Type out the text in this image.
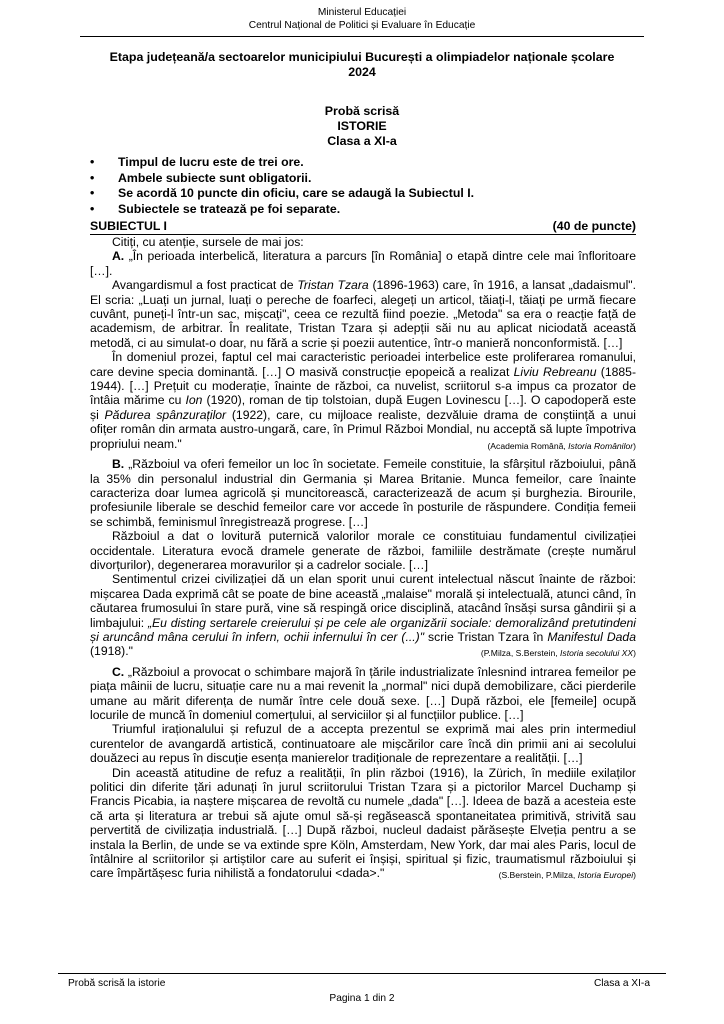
Ministerul Educației
Centrul Național de Politici și Evaluare în Educație
Etapa județeană/a sectoarelor municipiului București a olimpiadelor naționale școlare
2024
Probă scrisă
ISTORIE
Clasa a XI-a
• Timpul de lucru este de trei ore.
• Ambele subiecte sunt obligatorii.
• Se acordă 10 puncte din oficiu, care se adaugă la Subiectul I.
• Subiectele se tratează pe foi separate.
SUBIECTUL I	(40 de puncte)

Citiți, cu atenție, sursele de mai jos:

A. „În perioada interbelică, literatura a parcurs [în România] o etapă dintre cele mai înfloritoare […].

Avangardismul a fost practicat de Tristan Tzara (1896-1963) care, în 1916, a lansat „dadaismul". El scria: „Luați un jurnal, luați o pereche de foarfeci, alegeți un articol, tăiați-l, tăiați pe urmă fiecare cuvânt, puneți-l într-un sac, mișcați", ceea ce rezultă fiind poezie. „Metoda" sa era o reacție față de academism, de arbitrar. În realitate, Tristan Tzara și adepții săi nu au aplicat niciodată această metodă, ci au simulat-o doar, nu fără a scrie și poezii autentice, într-o manieră nonconformistă. […]

În domeniul prozei, faptul cel mai caracteristic perioadei interbelice este proliferarea romanului, care devine specia dominantă. […] O masivă construcție epopeică a realizat Liviu Rebreanu (1885-1944). […] Prețuit cu moderație, înainte de război, ca nuvelist, scriitorul s-a impus ca prozator de întâia mărime cu Ion (1920), roman de tip tolstoian, după Eugen Lovinescu […]. O capodoperă este și Pădurea spânzuraților (1922), care, cu mijloace realiste, dezvăluie drama de conștiință a unui ofițer român din armata austro-ungară, care, în Primul Război Mondial, nu acceptă să lupte împotriva propriului neam."	(Academia Română, Istoria Românilor)

B. „Războiul va oferi femeilor un loc în societate. Femeile constituie, la sfârșitul războiului, până la 35% din personalul industrial din Germania și Marea Britanie. Munca femeilor, care înainte caracteriza doar lumea agricolă și muncitorească, caracterizează de acum și burghezia. Birourile, profesiunile liberale se deschid femeilor care vor accede în posturile de răspundere. Condiția femeii se schimbă, feminismul înregistrează progrese. […]

Războiul a dat o lovitură puternică valorilor morale ce constituiau fundamentul civilizației occidentale. Literatura evocă dramele generate de război, familiile destrămate (crește numărul divorțurilor), degenerarea moravurilor și a cadrelor sociale. […]

Sentimentul crizei civilizației dă un elan sporit unui curent intelectual născut înainte de război: mișcarea Dada exprimă cât se poate de bine această „malaise" morală și intelectuală, atunci când, în căutarea frumosului în stare pură, vine să respingă orice disciplină, atacând însăși sursa gândirii și a limbajului: „Eu disting sertarele creierului și pe cele ale organizării sociale: demoralizând pretutindeni și aruncând mâna cerului în infern, ochii infernului în cer (...)" scrie Tristan Tzara în Manifestul Dada (1918)."	(P.Milza, S.Berstein, Istoria secolului XX)

C. „Războiul a provocat o schimbare majoră în țările industrializate înlesnind intrarea femeilor pe piața mâinii de lucru, situație care nu a mai revenit la „normal" nici după demobilizare, căci pierderile umane au mărit diferența de număr între cele două sexe. […] După război, ele [femeile] ocupă locurile de muncă în domeniul comerțului, al serviciilor și al funcțiilor publice. […]

Triumful iraționalului și refuzul de a accepta prezentul se exprimă mai ales prin intermediul curentelor de avangardă artistică, continuatoare ale mișcărilor care încă din primii ani ai secolului douăzeci au repus în discuție esența manierelor tradiționale de reprezentare a realității. […]

Din această atitudine de refuz a realității, în plin război (1916), la Zürich, în mediile exilaților politici din diferite țări adunați în jurul scriitorului Tristan Tzara și a pictorilor Marcel Duchamp și Francis Picabia, ia naștere mișcarea de revoltă cu numele „dada" […]. Ideea de bază a acesteia este că arta și literatura ar trebui să ajute omul să-și regăsească spontaneitatea primitivă, strivită sau pervertită de civilizația industrială. […] După război, nucleul dadaist părăsește Elveția pentru a se instala la Berlin, de unde se va extinde spre Köln, Amsterdam, New York, dar mai ales Paris, locul de întâlnire al scriitorilor și artiștilor care au suferit ei înșiși, spiritual și fizic, traumatismul războiului și care împărtășesc furia nihilistă a fondatorului <dada>."	(S.Berstein, P.Milza, Istoria Europei)

Probă scrisă la istorie	Clasa a XI-a
Pagina 1 din 2
